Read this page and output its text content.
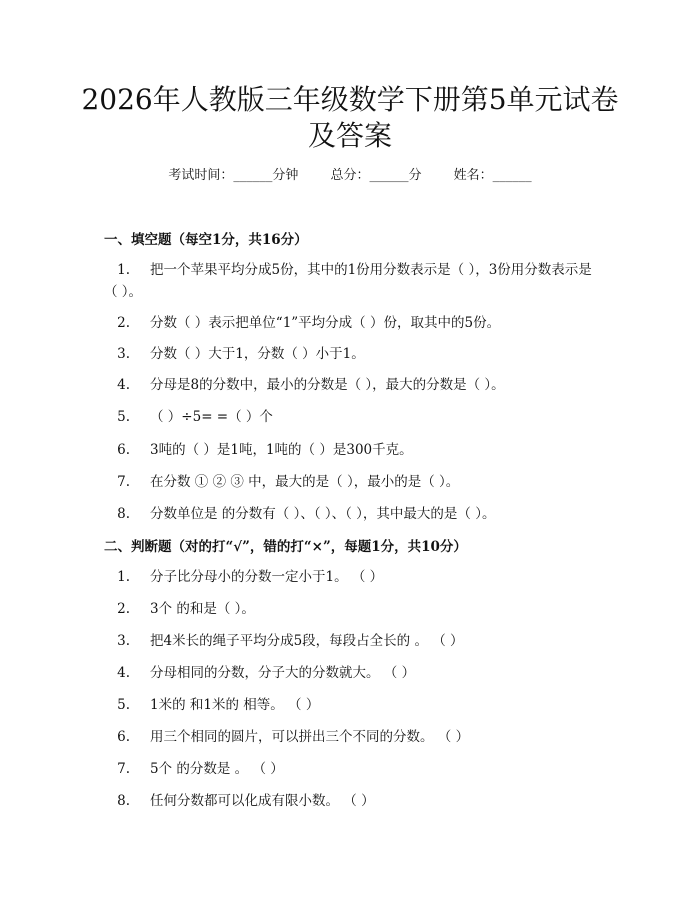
2026年人教版三年级数学下册第5单元试卷
及答案
考试时间：______分钟 总分：______分 姓名：______
一、填空题（每空1分，共16分）
1. 把一个苹果平均分成5份，其中的1份用分数表示是（ ），3份用分数表示是（ ）。
2. 分数（ ）表示把单位“1”平均分成（ ）份，取其中的5份。
3. 分数（ ）大于1，分数（ ）小于1。
4. 分母是8的分数中，最小的分数是（ ），最大的分数是（ ）。
5. （ ）÷5= =（ ）个
6. 3吨的（ ）是1吨，1吨的（ ）是300千克。
7. 在分数 ① ② ③ 中，最大的是（ ），最小的是（ ）。
8. 分数单位是 的分数有（ ）、（ ）、（ ），其中最大的是（ ）。
二、判断题（对的打“√”，错的打“×”，每题1分，共10分）
1. 分子比分母小的分数一定小于1。 （ ）
2. 3个 的和是（ ）。
3. 把4米长的绳子平均分成5段，每段占全长的 。 （ ）
4. 分母相同的分数，分子大的分数就大。 （ ）
5. 1米的 和1米的 相等。 （ ）
6. 用三个相同的圆片，可以拼出三个不同的分数。 （ ）
7. 5个 的分数是 。 （ ）
8. 任何分数都可以化成有限小数。 （ ）
